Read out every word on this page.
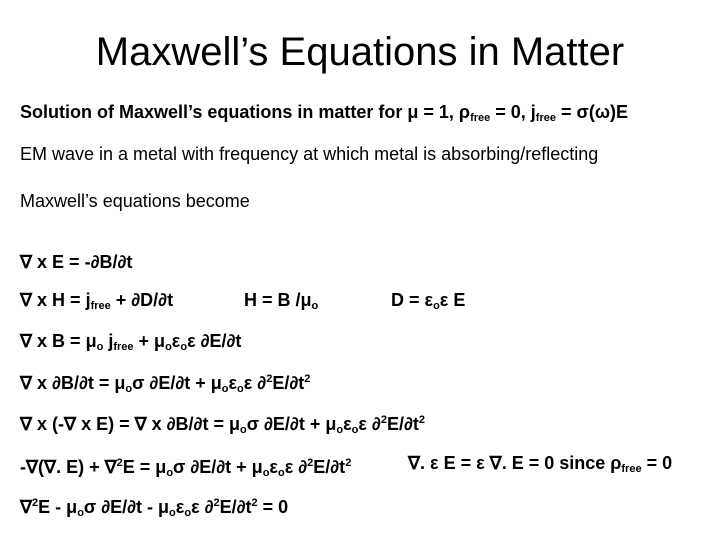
Maxwell’s Equations in Matter
Solution of Maxwell’s equations in matter for μ = 1, $\rho_{free} = 0$, $j_{free} = \sigma(\omega)E$
EM wave in a metal with frequency at which metal is absorbing/reflecting
Maxwell’s equations become
∇ x E = -∂B/∂t
∇ x $H = j_{free} + \partial D/\partial t$	H = B $/\mu_o$	$D = \varepsilon_o\varepsilon$ E
∇ x $B = \mu_o$ $j_{free} + \mu_o\varepsilon_o\varepsilon$ ∂E/∂t
∇ x $\partial B/\partial t = \mu_o\sigma$ $\partial E/\partial t + \mu_o\varepsilon_o\varepsilon$ $\partial^2E/\partial t^2$
∇ x (-∇ x E) = ∇ x $\partial B/\partial t = \mu_o\sigma$ $\partial E/\partial t + \mu_o\varepsilon_o\varepsilon$ $\partial^2E/\partial t^2$
-∇(∇. $E) + \nabla^2E = \mu_o\sigma$ $\partial E/\partial t + \mu_o\varepsilon_o\varepsilon$ $\partial^2E/\partial t^2$	∇. ε E = ε ∇. E = 0 since $\rho_{free} = 0$
$\nabla^2E - \mu_o\sigma$ $\partial E/\partial t - \mu_o\varepsilon_o\varepsilon$ $\partial^2E/\partial t^2 = 0$
